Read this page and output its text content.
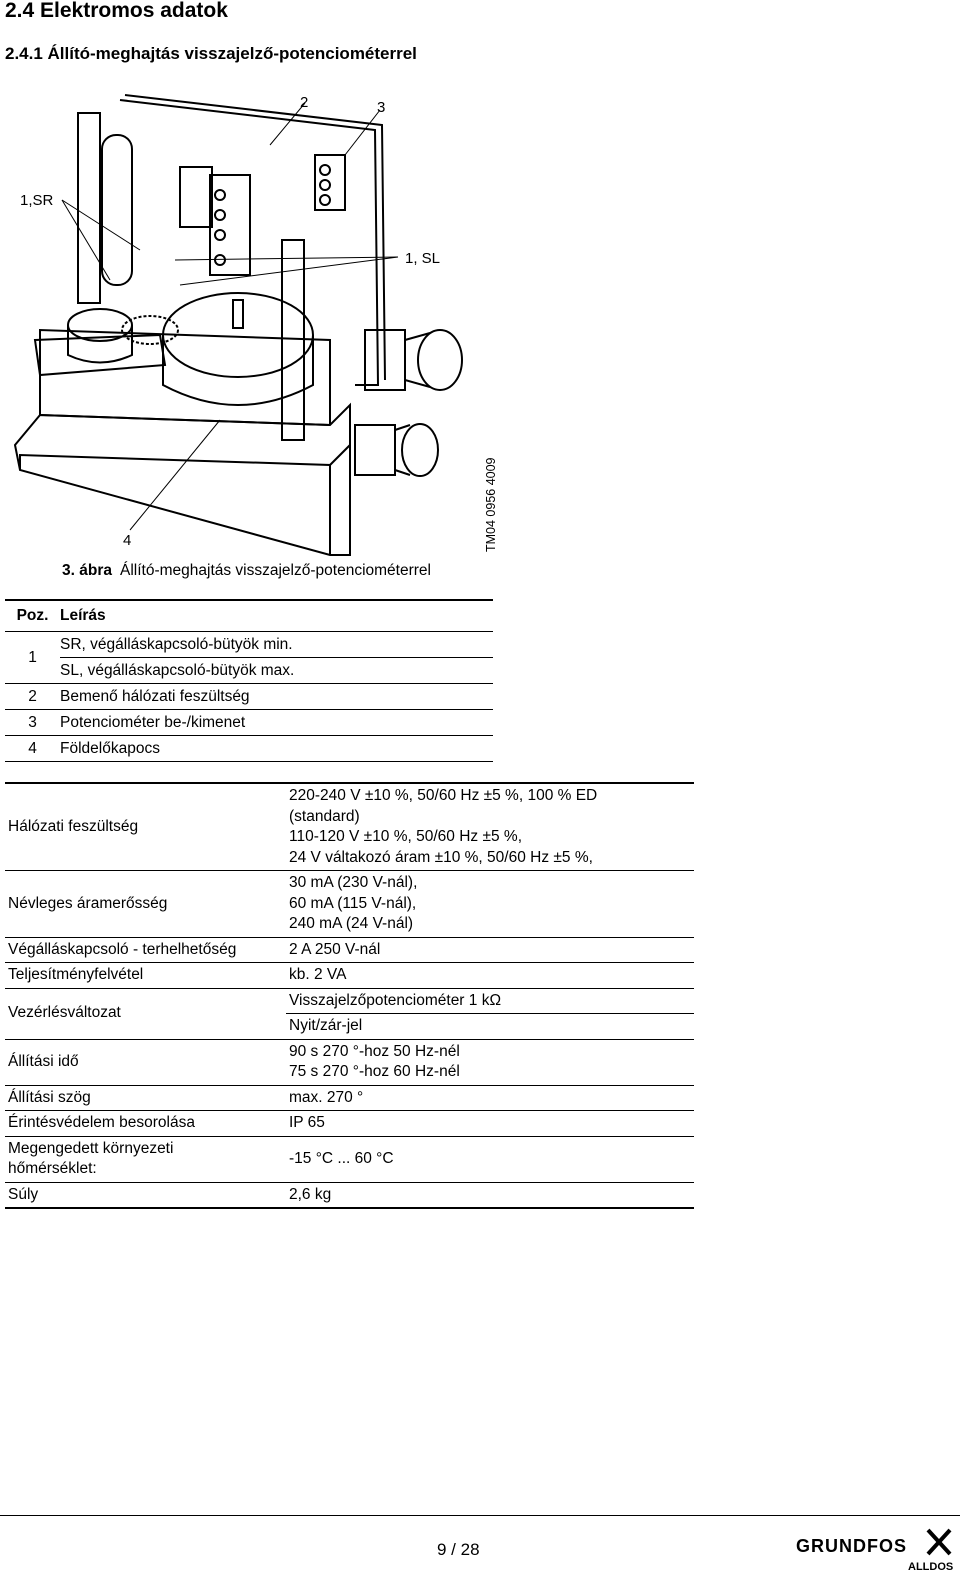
2.4 Elektromos adatok
2.4.1 Állító-meghajtás visszajelző-potenciométerrel
2	3
1,SR
1, SL
4	TM04 0956 4009
3. ábra Állító-meghajtás visszajelző-potenciométerrel
Poz.	Leírás
1	SR, végálláskapcsoló-bütyök min.
	SL, végálláskapcsoló-bütyök max.
2	Bemenő hálózati feszültség
3	Potenciométer be-/kimenet
4	Földelőkapocs
Hálózati feszültség	220-240 V ±10 %, 50/60 Hz ±5 %, 100 % ED
(standard)
110-120 V ±10 %, 50/60 Hz ±5 %,
24 V váltakozó áram ±10 %, 50/60 Hz ±5 %,

Névleges áramerősség	30 mA (230 V-nál),
60 mA (115 V-nál),
240 mA (24 V-nál)

Végálláskapcsoló - terhelhetőség	2 A 250 V-nál
Teljesítményfelvétel	kb. 2 VA
Vezérlésváltozat	Visszajelzőpotenciométer 1 kΩ
	Nyit/zár-jel
Állítási idő	90 s 270 °-hoz 50 Hz-nél
75 s 270 °-hoz 60 Hz-nél

Állítási szög	max. 270 °
Érintésvédelem besorolása	IP 65

Megengedett környezeti
hőmérséklet:	-15 °C ... 60 °C
Súly	2,6 kg
9 / 28	GRUNDFOS
ALLDOS
